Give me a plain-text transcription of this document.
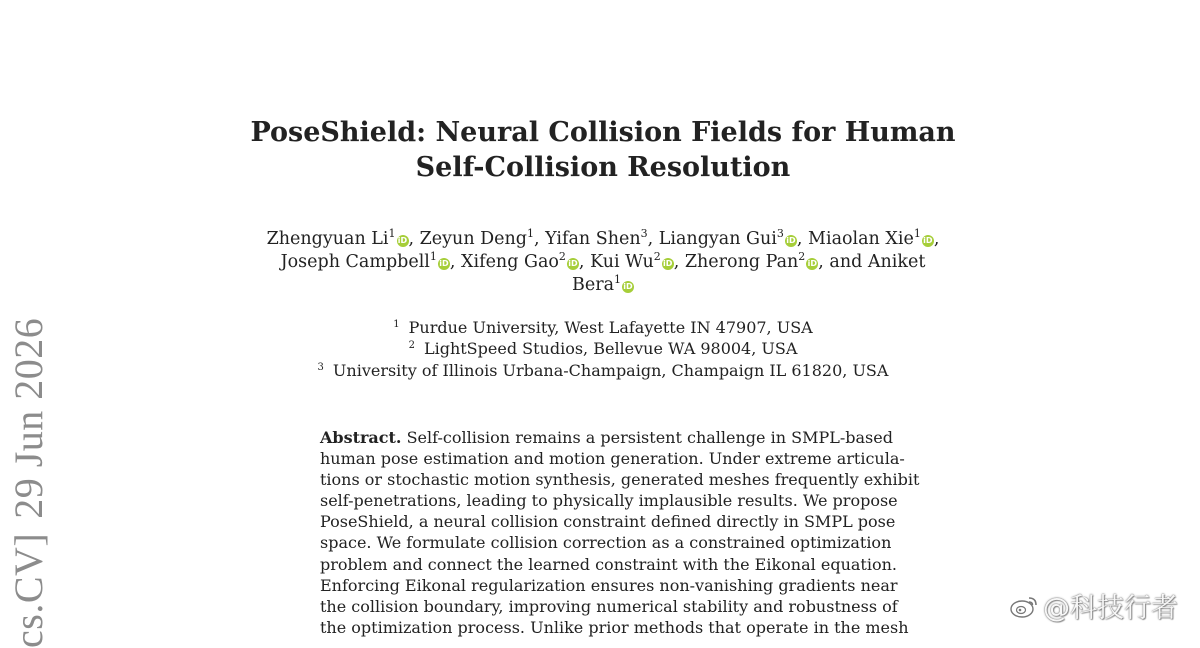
cs.CV]29 Jun 2026
PoseShield: Neural Collision Fields for Human
Self-Collision Resolution
Zhengyuan Li$^1$iD, Zeyun Deng$^1$, Yifan Shen$^3$, Liangyan Gui$^3$iD, Miaolan Xie$^1$iD,
Joseph Campbell$^1$iD, Xifeng Gao$^2$iD, Kui Wu$^2$iD, Zherong Pan$^2$iD, and Aniket
Bera$^1$iD
$^1$ Purdue University, West Lafayette IN 47907, USA
$^2$ LightSpeed Studios, Bellevue WA 98004, USA
$^3$ University of Illinois Urbana-Champaign, Champaign IL 61820, USA
Abstract. Self-collision remains a persistent challenge in SMPL-based
human pose estimation and motion generation. Under extreme articula-
tions or stochastic motion synthesis, generated meshes frequently exhibit
self-penetrations, leading to physically implausible results. We propose
PoseShield, a neural collision constraint defined directly in SMPL pose
space. We formulate collision correction as a constrained optimization
problem and connect the learned constraint with the Eikonal equation.
Enforcing Eikonal regularization ensures non-vanishing gradients near
the collision boundary, improving numerical stability and robustness of
the optimization process. Unlike prior methods that operate in the mesh
@科技行者
